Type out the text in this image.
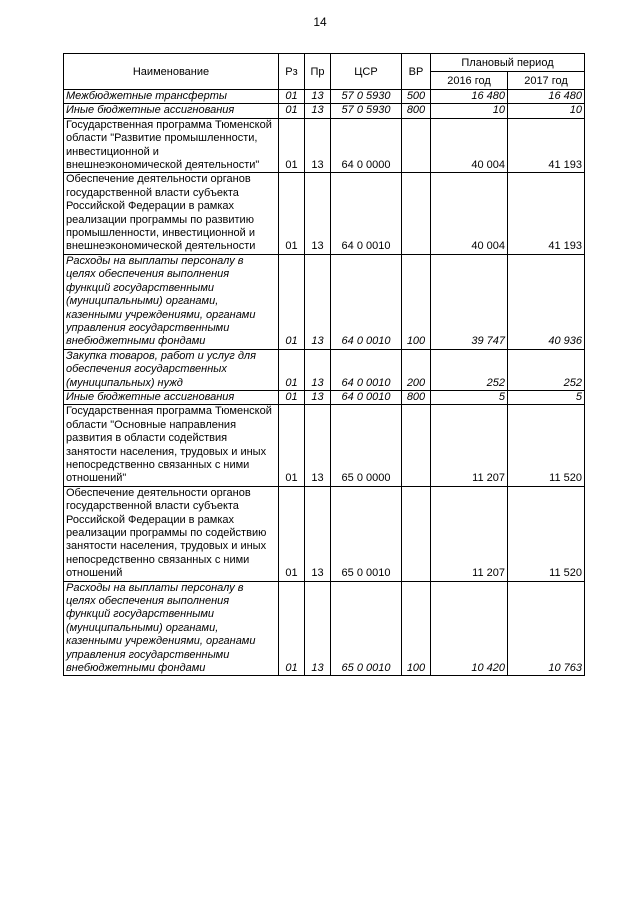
14
Наименование	Рз	Пр	ЦСР	ВР	Плановый период	
					2016 год	2017 год
Межбюджетные трансферты	01	13	57 0 5930	500	16 480	16 480
Иные бюджетные ассигнования	01	13	57 0 5930	800	10	10
Государственная программа Тюменской области "Развитие промышленности, инвестиционной и внешнеэкономической деятельности"	01	13	64 0 0000		40 004	41 193
Обеспечение деятельности органов государственной власти субъекта Российской Федерации в рамках реализации программы по развитию промышленности, инвестиционной и внешнеэкономической деятельности	01	13	64 0 0010		40 004	41 193
Расходы на выплаты персоналу в целях обеспечения выполнения функций государственными (муниципальными) органами, казенными учреждениями, органами управления государственными внебюджетными фондами	01	13	64 0 0010	100	39 747	40 936
Закупка товаров, работ и услуг для обеспечения государственных (муниципальных) нужд	01	13	64 0 0010	200	252	252
Иные бюджетные ассигнования	01	13	64 0 0010	800	5	5
Государственная программа Тюменской области "Основные направления развития в области содействия занятости населения, трудовых и иных непосредственно связанных с ними отношений"	01	13	65 0 0000		11 207	11 520
Обеспечение деятельности органов государственной власти субъекта Российской Федерации в рамках реализации программы по содействию занятости населения, трудовых и иных непосредственно связанных с ними отношений	01	13	65 0 0010		11 207	11 520
Расходы на выплаты персоналу в целях обеспечения выполнения функций государственными (муниципальными) органами, казенными учреждениями, органами управления государственными внебюджетными фондами	01	13	65 0 0010	100	10 420	10 763
